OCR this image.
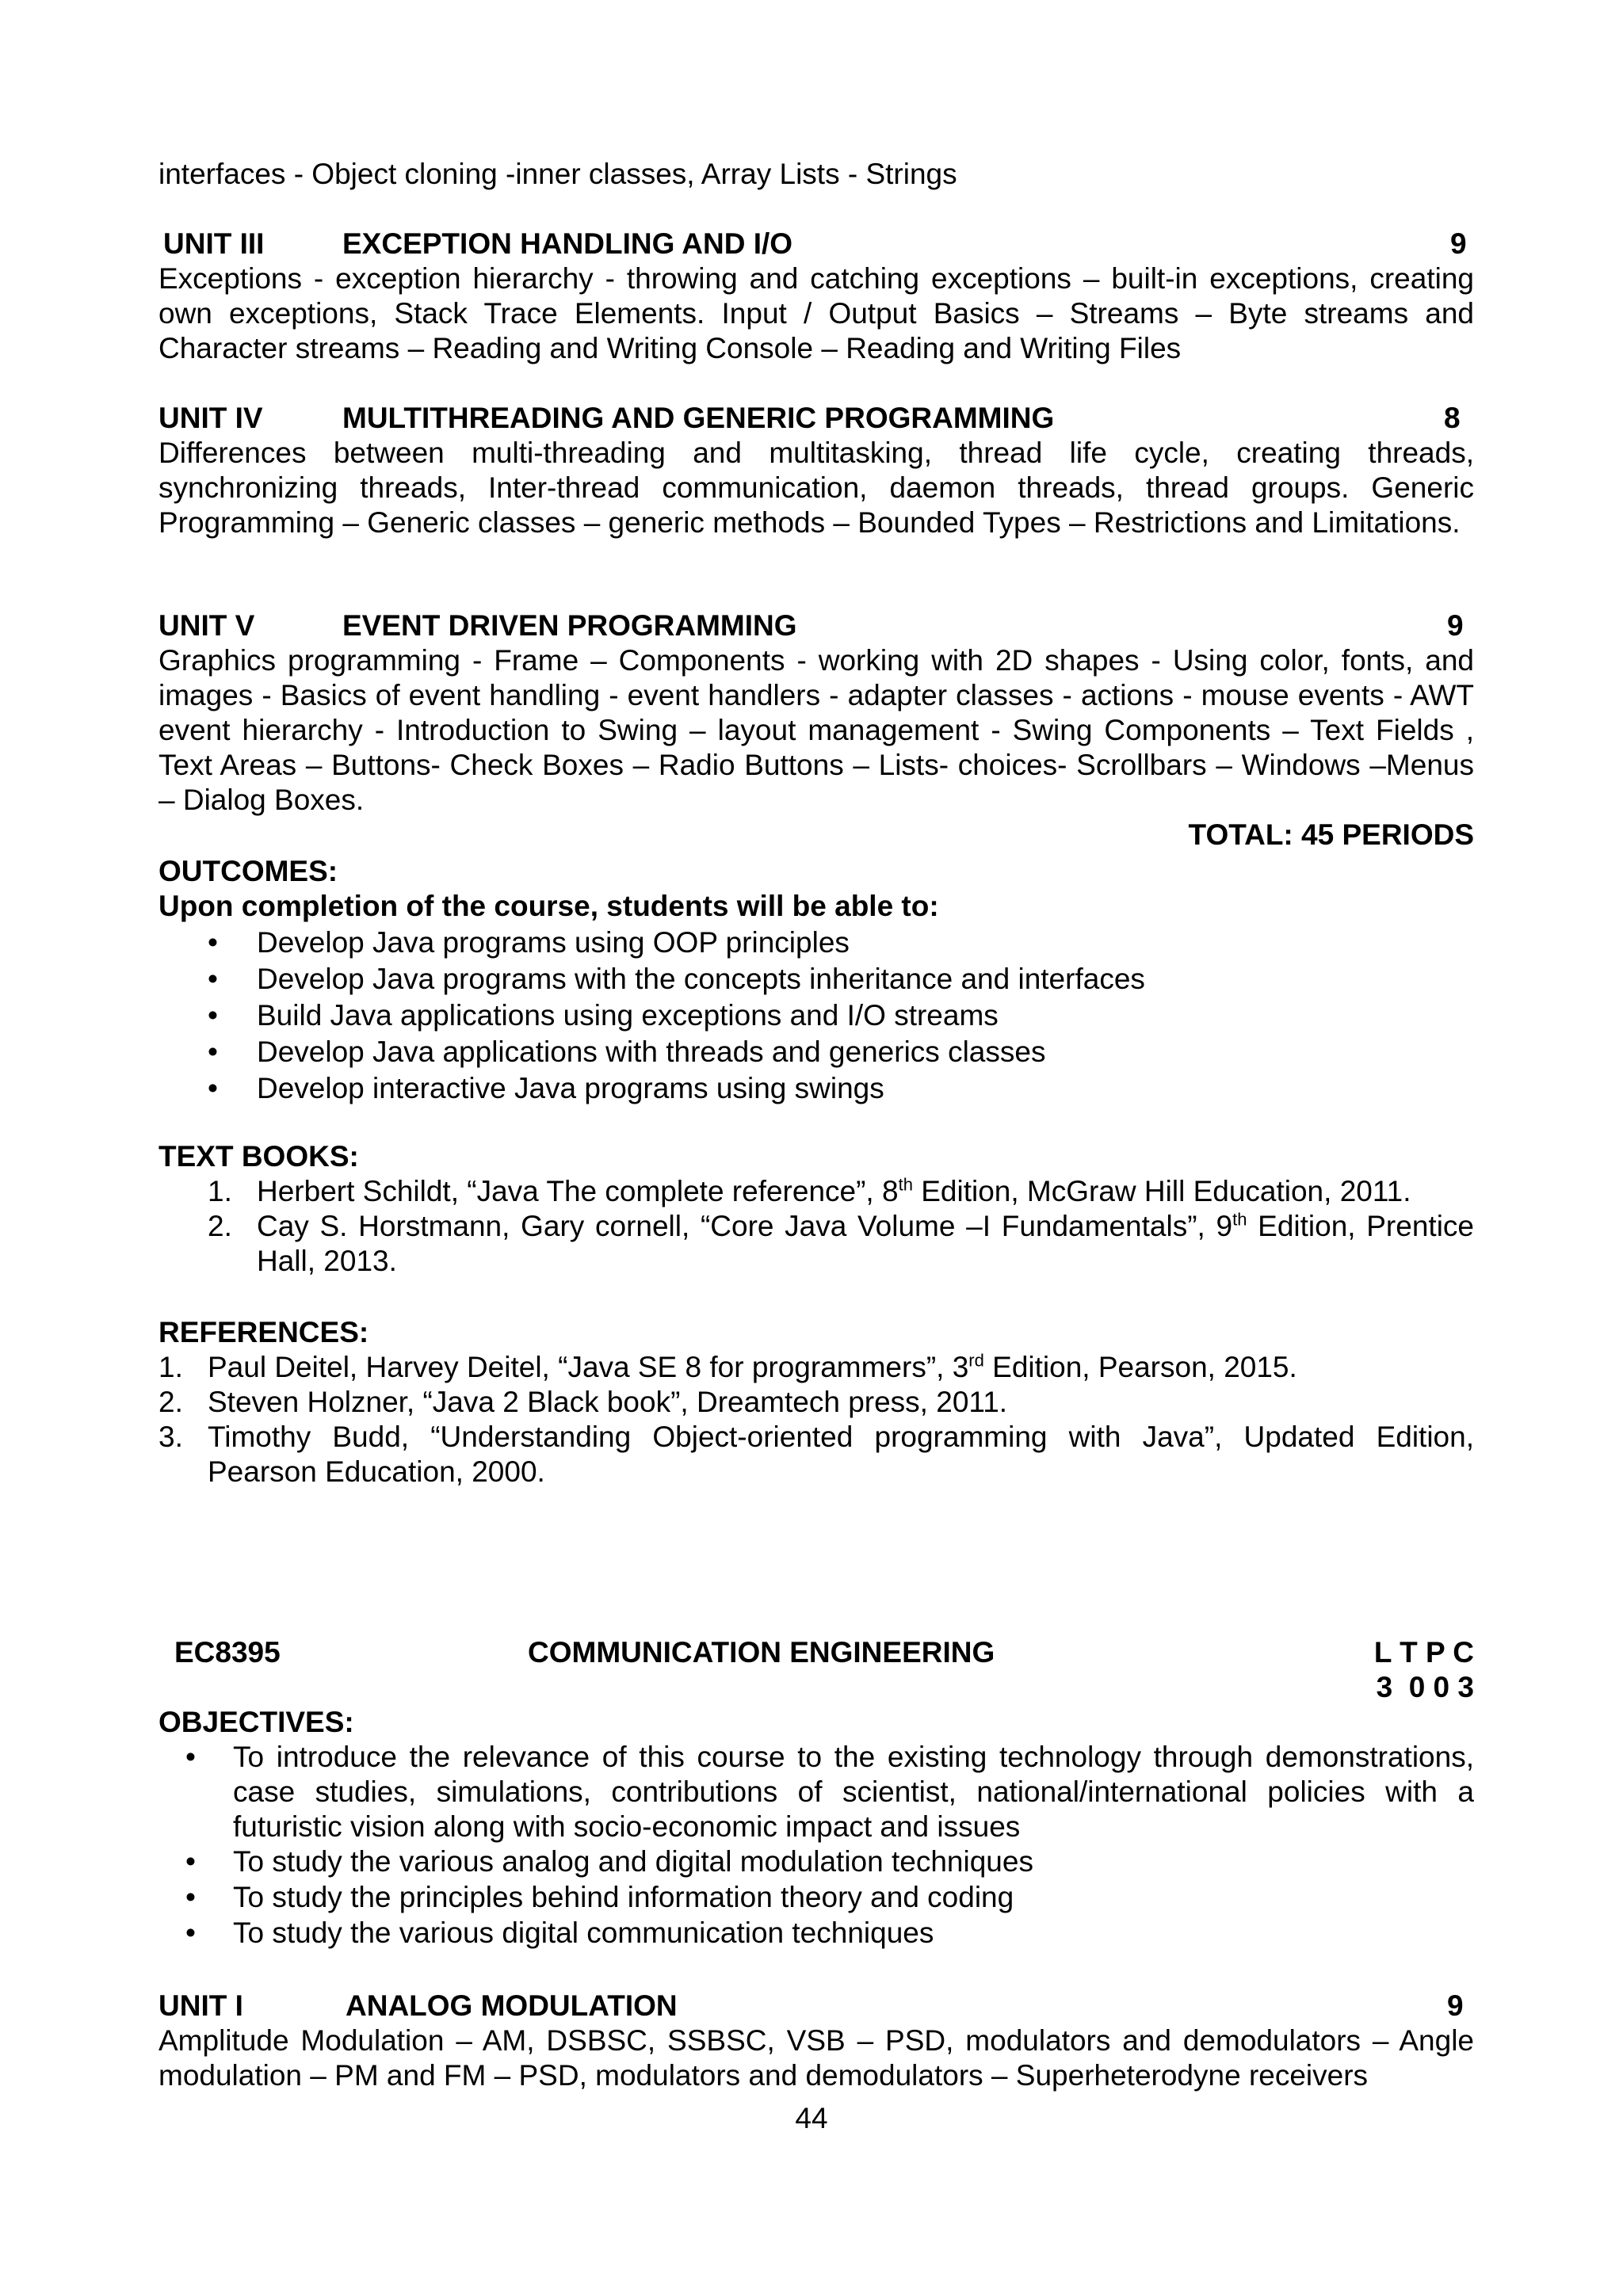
interfaces - Object cloning -inner classes, Array Lists - Strings
UNIT III	EXCEPTION HANDLING AND I/O	9
Exceptions - exception hierarchy - throwing and catching exceptions – built-in exceptions, creating own exceptions, Stack Trace Elements. Input / Output Basics – Streams – Byte streams and Character streams – Reading and Writing Console – Reading and Writing Files
UNIT IV	MULTITHREADING AND GENERIC PROGRAMMING	8
Differences between multi-threading and multitasking, thread life cycle, creating threads, synchronizing threads, Inter-thread communication, daemon threads, thread groups. Generic Programming – Generic classes – generic methods – Bounded Types – Restrictions and Limitations.
UNIT V	EVENT DRIVEN PROGRAMMING	9
Graphics programming - Frame – Components - working with 2D shapes - Using color, fonts, and images - Basics of event handling - event handlers - adapter classes - actions - mouse events - AWT event hierarchy - Introduction to Swing – layout management - Swing Components – Text Fields , Text Areas – Buttons- Check Boxes – Radio Buttons – Lists- choices- Scrollbars – Windows –Menus – Dialog Boxes.
TOTAL: 45 PERIODS
OUTCOMES:
Upon completion of the course, students will be able to:
• Develop Java programs using OOP principles
• Develop Java programs with the concepts inheritance and interfaces
• Build Java applications using exceptions and I/O streams
• Develop Java applications with threads and generics classes
• Develop interactive Java programs using swings
TEXT BOOKS:
1. Herbert Schildt, “Java The complete reference”, 8th Edition, McGraw Hill Education, 2011.
2. Cay S. Horstmann, Gary cornell, “Core Java Volume –I Fundamentals”, 9th Edition, Prentice Hall, 2013.
REFERENCES:
1. Paul Deitel, Harvey Deitel, “Java SE 8 for programmers”, 3rd Edition, Pearson, 2015.
2. Steven Holzner, “Java 2 Black book”, Dreamtech press, 2011.
3. Timothy Budd, “Understanding Object-oriented programming with Java”, Updated Edition, Pearson Education, 2000.
EC8395	COMMUNICATION ENGINEERING	L T P C
3  0 0 3
OBJECTIVES:
• To introduce the relevance of this course to the existing technology through demonstrations, case studies, simulations, contributions of scientist, national/international policies with a futuristic vision along with socio-economic impact and issues
• To study the various analog and digital modulation techniques
• To study the principles behind information theory and coding
• To study the various digital communication techniques
UNIT I	ANALOG MODULATION	9
Amplitude Modulation – AM, DSBSC, SSBSC, VSB – PSD, modulators and demodulators – Angle modulation – PM and FM – PSD, modulators and demodulators – Superheterodyne receivers
44
